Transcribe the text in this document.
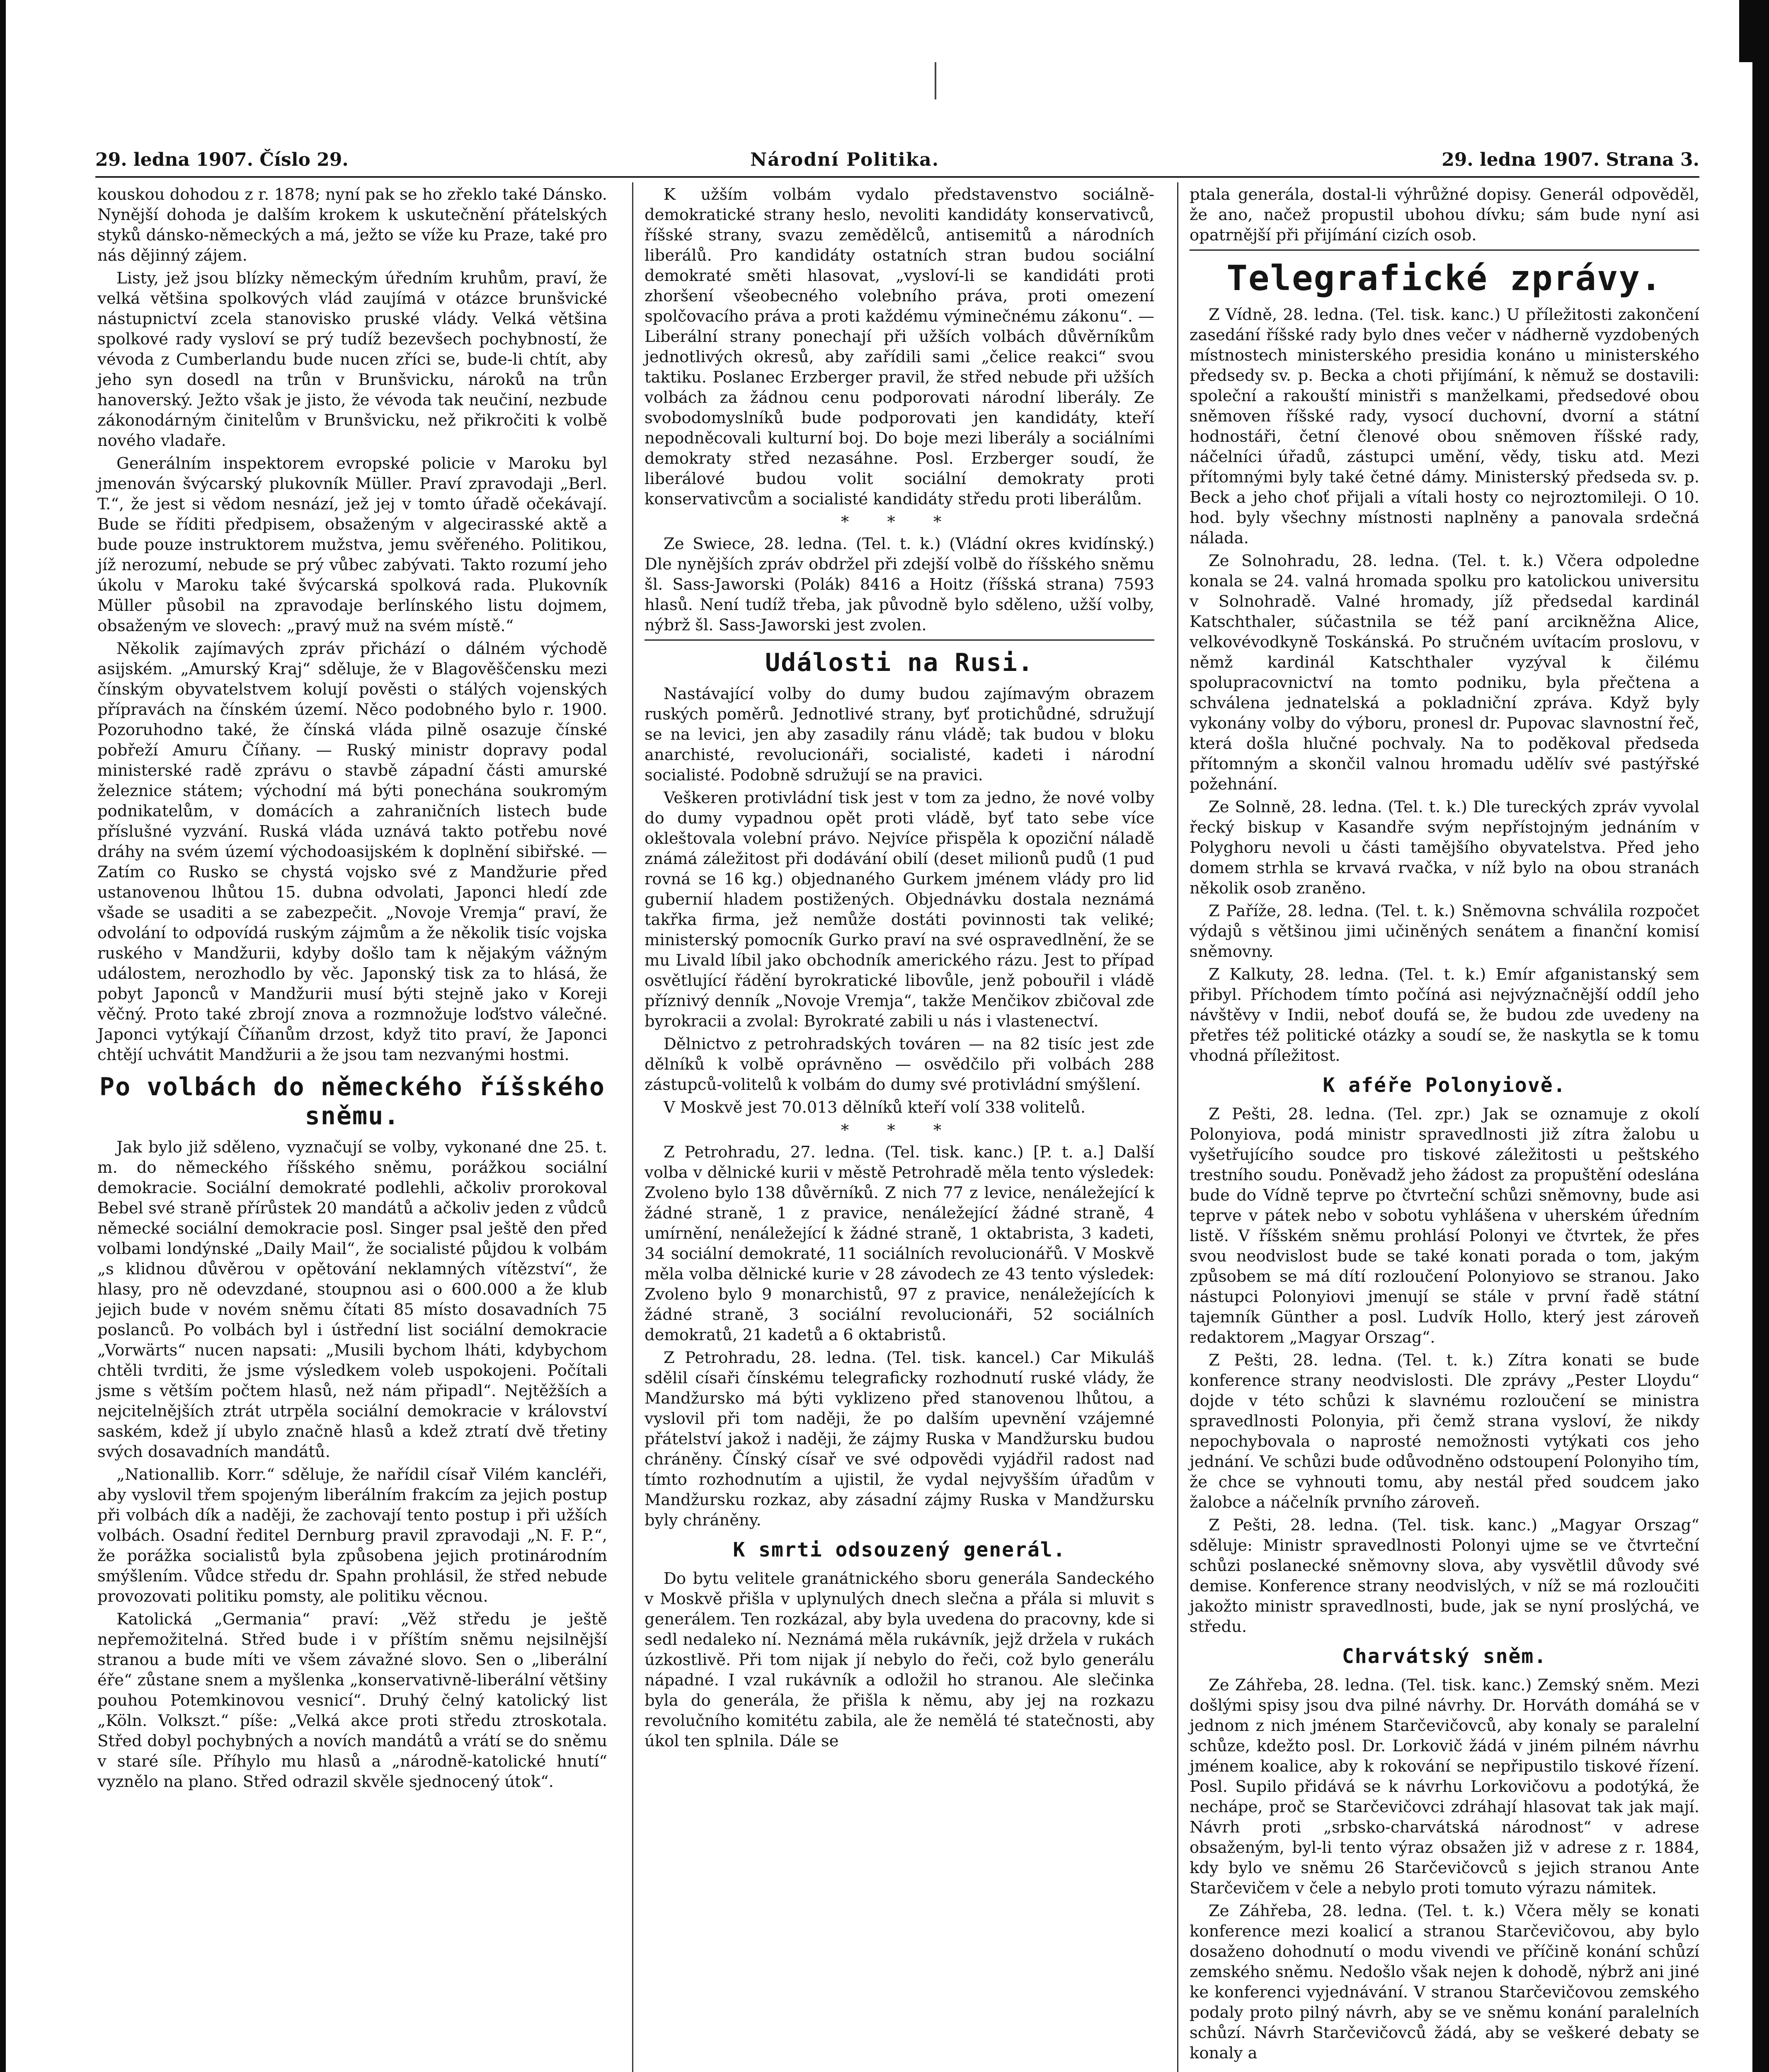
29. ledna 1907. Číslo 29.	Národní Politika.	29. ledna 1907. Strana 3.

kouskou dohodou z r. 1878; nyní pak se ho zřeklo také Dánsko. Nynější dohoda je dalším krokem k uskutečnění přátelských styků dánsko-německých a má, ježto se víže ku Praze, také pro nás dějinný zájem.

Listy, jež jsou blízky německým úředním kruhům, praví, že velká většina spolkových vlád zaujímá v otázce brunšvické nástupnictví zcela stanovisko pruské vlády. Velká většina spolkové rady vysloví se prý tudíž bezevšech pochybností, že vévoda z Cumberlandu bude nucen zříci se, bude-li chtít, aby jeho syn dosedl na trůn v Brunšvicku, nároků na trůn hanoverský. Ježto však je jisto, že vévoda tak neučiní, nezbude zákonodárným činitelům v Brunšvicku, než přikročiti k volbě nového vladaře.

Generálním inspektorem evropské policie v Maroku byl jmenován švýcarský plukovník Müller. Praví zpravodaji „Berl. T.“, že jest si vědom nesnází, jež jej v tomto úřadě očekávají. Bude se říditi předpisem, obsaženým v algecirasské aktě a bude pouze instruktorem mužstva, jemu svěřeného. Politikou, jíž nerozumí, nebude se prý vůbec zabývati. Takto rozumí jeho úkolu v Maroku také švýcarská spolková rada. Plukovník Müller působil na zpravodaje berlínského listu dojmem, obsaženým ve slovech: „pravý muž na svém místě.“

Několik zajímavých zpráv přichází o dálném východě asijském. „Amurský Kraj“ sděluje, že v Blagověščensku mezi čínským obyvatelstvem kolují pověsti o stálých vojenských přípravách na čínském území. Něco podobného bylo r. 1900. Pozoruhodno také, že čínská vláda pilně osazuje čínské pobřeží Amuru Číňany. — Ruský ministr dopravy podal ministerské radě zprávu o stavbě západní části amurské železnice státem; východní má býti ponechána soukromým podnikatelům, v domácích a zahraničních listech bude příslušné vyzvání. Ruská vláda uznává takto potřebu nové dráhy na svém území východoasijském k doplnění sibiřské. — Zatím co Rusko se chystá vojsko své z Mandžurie před ustanovenou lhůtou 15. dubna odvolati, Japonci hledí zde všade se usaditi a se zabezpečit. „Novoje Vremja“ praví, že odvolání to odpovídá ruským zájmům a že několik tisíc vojska ruského v Mandžurii, kdyby došlo tam k nějakým vážným událostem, nerozhodlo by věc. Japonský tisk za to hlásá, že pobyt Japonců v Mandžurii musí býti stejně jako v Koreji věčný. Proto také zbrojí znova a rozmnožuje loďstvo válečné. Japonci vytýkají Číňanům drzost, když tito praví, že Japonci chtějí uchvátit Mandžurii a že jsou tam nezvanými hostmi.

Po volbách do německého říšského sněmu.

Jak bylo již sděleno, vyznačují se volby, vykonané dne 25. t. m. do německého říšského sněmu, porážkou sociální demokracie. Sociální demokraté podlehli, ačkoliv prorokoval Bebel své straně přírůstek 20 mandátů a ačkoliv jeden z vůdců německé sociální demokracie posl. Singer psal ještě den před volbami londýnské „Daily Mail“, že socialisté půjdou k volbám „s klidnou důvěrou v opětování neklamných vítězství“, že hlasy, pro ně odevzdané, stoupnou asi o 600.000 a že klub jejich bude v novém sněmu čítati 85 místo dosavadních 75 poslanců. Po volbách byl i ústřední list sociální demokracie „Vorwärts“ nucen napsati: „Musili bychom lháti, kdybychom chtěli tvrditi, že jsme výsledkem voleb uspokojeni. Počítali jsme s větším počtem hlasů, než nám připadl“. Nejtěžších a nejcitelnějších ztrát utrpěla sociální demokracie v království saském, kdež jí ubylo značně hlasů a kdež ztratí dvě třetiny svých dosavadních mandátů.

„Nationallib. Korr.“ sděluje, že nařídil císař Vilém kancléři, aby vyslovil třem spojeným liberálním frakcím za jejich postup při volbách dík a naději, že zachovají tento postup i při užších volbách. Osadní ředitel Dernburg pravil zpravodaji „N. F. P.“, že porážka socialistů byla způsobena jejich protinárodním smýšlením. Vůdce středu dr. Spahn prohlásil, že střed nebude provozovati politiku pomsty, ale politiku věcnou.

Katolická „Germania“ praví: „Věž středu je ještě nepřemožitelná. Střed bude i v příštím sněmu nejsilnější stranou a bude míti ve všem závažné slovo. Sen o „liberální éře“ zůstane snem a myšlenka „konservativně-liberální většiny pouhou Potemkinovou vesnicí“. Druhý čelný katolický list „Köln. Volkszt.“ píše: „Velká akce proti středu ztroskotala. Střed dobyl pochybných a novích mandátů a vrátí se do sněmu v staré síle. Příhylo mu hlasů a „národně-katolické hnutí“ vyznělo na plano. Střed odrazil skvěle sjednocený útok“.

K užším volbám vydalo představenstvo sociálně-demokratické strany heslo, nevoliti kandidáty konservativců, říšské strany, svazu zemědělců, antisemitů a národních liberálů. Pro kandidáty ostatních stran budou sociální demokraté směti hlasovat, „vysloví-li se kandidáti proti zhoršení všeobecného volebního práva, proti omezení spolčovacího práva a proti každému výminečnému zákonu“. — Liberální strany ponechají při užších volbách důvěrníkům jednotlivých okresů, aby zařídili sami „čelice reakci“ svou taktiku. Poslanec Erzberger pravil, že střed nebude při užších volbách za žádnou cenu podporovati národní liberály. Ze svobodomyslníků bude podporovati jen kandidáty, kteří nepodněcovali kulturní boj. Do boje mezi liberály a sociálními demokraty střed nezasáhne. Posl. Erzberger soudí, že liberálové budou volit sociální demokraty proti konservativcům a socialisté kandidáty středu proti liberálům.

* * *

Ze Swiece, 28. ledna. (Tel. t. k.) (Vládní okres kvidínský.) Dle nynějších zpráv obdržel při zdejší volbě do říšského sněmu šl. Sass-Jaworski (Polák) 8416 a Hoitz (říšská strana) 7593 hlasů. Není tudíž třeba, jak původně bylo sděleno, užší volby, nýbrž šl. Sass-Jaworski jest zvolen.

Události na Rusi.

Nastávající volby do dumy budou zajímavým obrazem ruských poměrů. Jednotlivé strany, byť protichůdné, sdružují se na levici, jen aby zasadily ránu vládě; tak budou v bloku anarchisté, revolucionáři, socialisté, kadeti i národní socialisté. Podobně sdružují se na pravici.

Veškeren protivládní tisk jest v tom za jedno, že nové volby do dumy vypadnou opět proti vládě, byť tato sebe více okleštovala volební právo. Nejvíce přispěla k opoziční náladě známá záležitost při dodávání obilí (deset milionů pudů (1 pud rovná se 16 kg.) objednaného Gurkem jménem vlády pro lid gubernií hladem postižených. Objednávku dostala neznámá takřka firma, jež nemůže dostáti povinnosti tak veliké; ministerský pomocník Gurko praví na své ospravedlnění, že se mu Livald líbil jako obchodník amerického rázu. Jest to případ osvětlující řádění byrokratické libovůle, jenž pobouřil i vládě příznivý denník „Novoje Vremja“, takže Menčikov zbičoval zde byrokracii a zvolal: Byrokraté zabili u nás i vlastenectví.

Dělnictvo z petrohradských továren — na 82 tisíc jest zde dělníků k volbě oprávněno — osvědčilo při volbách 288 zástupců-volitelů k volbám do dumy své protivládní smýšlení.

V Moskvě jest 70.013 dělníků kteří volí 338 volitelů.

* * *

Z Petrohradu, 27. ledna. (Tel. tisk. kanc.) [P. t. a.] Další volba v dělnické kurii v městě Petrohradě měla tento výsledek: Zvoleno bylo 138 důvěrníků. Z nich 77 z levice, nenáležející k žádné straně, 1 z pravice, nenáležející žádné straně, 4 umírnění, nenáležející k žádné straně, 1 oktabrista, 3 kadeti, 34 sociální demokraté, 11 sociálních revolucionářů. V Moskvě měla volba dělnické kurie v 28 závodech ze 43 tento výsledek: Zvoleno bylo 9 monarchistů, 97 z pravice, nenáležejících k žádné straně, 3 sociální revolucionáři, 52 sociálních demokratů, 21 kadetů a 6 oktabristů.

Z Petrohradu, 28. ledna. (Tel. tisk. kancel.) Car Mikuláš sdělil císaři čínskému telegraficky rozhodnutí ruské vlády, že Mandžursko má býti vyklizeno před stanovenou lhůtou, a vyslovil při tom naději, že po dalším upevnění vzájemné přátelství jakož i naději, že zájmy Ruska v Mandžursku budou chráněny. Čínský císař ve své odpovědi vyjádřil radost nad tímto rozhodnutím a ujistil, že vydal nejvyšším úřadům v Mandžursku rozkaz, aby zásadní zájmy Ruska v Mandžursku byly chráněny.

K smrti odsouzený generál.

Do bytu velitele granátnického sboru generála Sandeckého v Moskvě přišla v uplynulých dnech slečna a přála si mluvit s generálem. Ten rozkázal, aby byla uvedena do pracovny, kde si sedl nedaleko ní. Neznámá měla rukávník, jejž držela v rukách úzkostlivě. Při tom nijak jí nebylo do řeči, což bylo generálu nápadné. I vzal rukávník a odložil ho stranou. Ale slečinka byla do generála, že přišla k němu, aby jej na rozkazu revolučního komitétu zabila, ale že nemělá té statečnosti, aby úkol ten splnila. Dále se

ptala generála, dostal-li výhrůžné dopisy. Generál odpověděl, že ano, načež propustil ubohou dívku; sám bude nyní asi opatrnější při přijímání cizích osob.

Telegrafické zprávy.

Z Vídně, 28. ledna. (Tel. tisk. kanc.) U příležitosti zakončení zasedání říšské rady bylo dnes večer v nádherně vyzdobených místnostech ministerského presidia konáno u ministerského předsedy sv. p. Becka a choti přijímání, k němuž se dostavili: společní a rakouští ministři s manželkami, předsedové obou sněmoven říšské rady, vysocí duchovní, dvorní a státní hodnostáři, četní členové obou sněmoven říšské rady, náčelníci úřadů, zástupci umění, vědy, tisku atd. Mezi přítomnými byly také četné dámy. Ministerský předseda sv. p. Beck a jeho choť přijali a vítali hosty co nejroztomileji. O 10. hod. byly všechny místnosti naplněny a panovala srdečná nálada.

Ze Solnohradu, 28. ledna. (Tel. t. k.) Včera odpoledne konala se 24. valná hromada spolku pro katolickou universitu v Solnohradě. Valné hromady, jíž předsedal kardinál Katschthaler, súčastnila se též paní arcikněžna Alice, velkovévodkyně Toskánská. Po stručném uvítacím proslovu, v němž kardinál Katschthaler vyzýval k čilému spolupracovnictví na tomto podniku, byla přečtena a schválena jednatelská a pokladniční zpráva. Když byly vykonány volby do výboru, pronesl dr. Pupovac slavnostní řeč, která došla hlučné pochvaly. Na to poděkoval předseda přítomným a skončil valnou hromadu udělív své pastýřské požehnání.

Ze Solnně, 28. ledna. (Tel. t. k.) Dle tureckých zpráv vyvolal řecký biskup v Kasandře svým nepřístojným jednáním v Polyghoru nevoli u části tamějšího obyvatelstva. Před jeho domem strhla se krvavá rvačka, v níž bylo na obou stranách několik osob zraněno.

Z Paříže, 28. ledna. (Tel. t. k.) Sněmovna schválila rozpočet výdajů s většinou jimi učiněných senátem a finanční komisí sněmovny.

Z Kalkuty, 28. ledna. (Tel. t. k.) Emír afganistanský sem přibyl. Příchodem tímto počíná asi nejvýznačnější oddíl jeho návštěvy v Indii, neboť doufá se, že budou zde uvedeny na přetřes též politické otázky a soudí se, že naskytla se k tomu vhodná příležitost.

K aféře Polonyiově.

Z Pešti, 28. ledna. (Tel. zpr.) Jak se oznamuje z okolí Polonyiova, podá ministr spravedlnosti již zítra žalobu u vyšetřujícího soudce pro tiskové záležitosti u peštského trestního soudu. Poněvadž jeho žádost za propuštění odeslána bude do Vídně teprve po čtvrteční schůzi sněmovny, bude asi teprve v pátek nebo v sobotu vyhlášena v uherském úředním listě. V říšském sněmu prohlásí Polonyi ve čtvrtek, že přes svou neodvislost bude se také konati porada o tom, jakým způsobem se má dítí rozloučení Polonyiovo se stranou. Jako nástupci Polonyiovi jmenují se stále v první řadě státní tajemník Günther a posl. Ludvík Hollo, který jest zároveň redaktorem „Magyar Orszag“.

Z Pešti, 28. ledna. (Tel. t. k.) Zítra konati se bude konference strany neodvislosti. Dle zprávy „Pester Lloydu“ dojde v této schůzi k slavnému rozloučení se ministra spravedlnosti Polonyia, při čemž strana vysloví, že nikdy nepochybovala o naprosté nemožnosti vytýkati cos jeho jednání. Ve schůzi bude odůvodněno odstoupení Polonyiho tím, že chce se vyhnouti tomu, aby nestál před soudcem jako žalobce a náčelník prvního zároveň.

Z Pešti, 28. ledna. (Tel. tisk. kanc.) „Magyar Orszag“ sděluje: Ministr spravedlnosti Polonyi ujme se ve čtvrteční schůzi poslanecké sněmovny slova, aby vysvětlil důvody své demise. Konference strany neodvislých, v níž se má rozloučiti jakožto ministr spravedlnosti, bude, jak se nyní proslýchá, ve středu.

Charvátský sněm.

Ze Záhřeba, 28. ledna. (Tel. tisk. kanc.) Zemský sněm. Mezi došlými spisy jsou dva pilné návrhy. Dr. Horváth domáhá se v jednom z nich jménem Starčevičovců, aby konaly se paralelní schůze, kdežto posl. Dr. Lorkovič žádá v jiném pilném návrhu jménem koalice, aby k rokování se nepřipustilo tiskové řízení. Posl. Supilo přidává se k návrhu Lorkovičovu a podotýká, že nechápe, proč se Starčevičovci zdráhají hlasovat tak jak mají. Návrh proti „srbsko-charvátská národnost“ v adrese obsaženým, byl-li tento výraz obsažen již v adrese z r. 1884, kdy bylo ve sněmu 26 Starčevičovců s jejich stranou Ante Starčevičem v čele a nebylo proti tomuto výrazu námitek.

Ze Záhřeba, 28. ledna. (Tel. t. k.) Včera měly se konati konference mezi koalicí a stranou Starčevičovou, aby bylo dosaženo dohodnutí o modu vivendi ve příčině konání schůzí zemského sněmu. Nedošlo však nejen k dohodě, nýbrž ani jiné ke konferenci vyjednávání. V stranou Starčevičovou zemského podaly proto pilný návrh, aby se ve sněmu konání paralelních schůzí. Návrh Starčevičovců žádá, aby se veškeré debaty se konaly a
